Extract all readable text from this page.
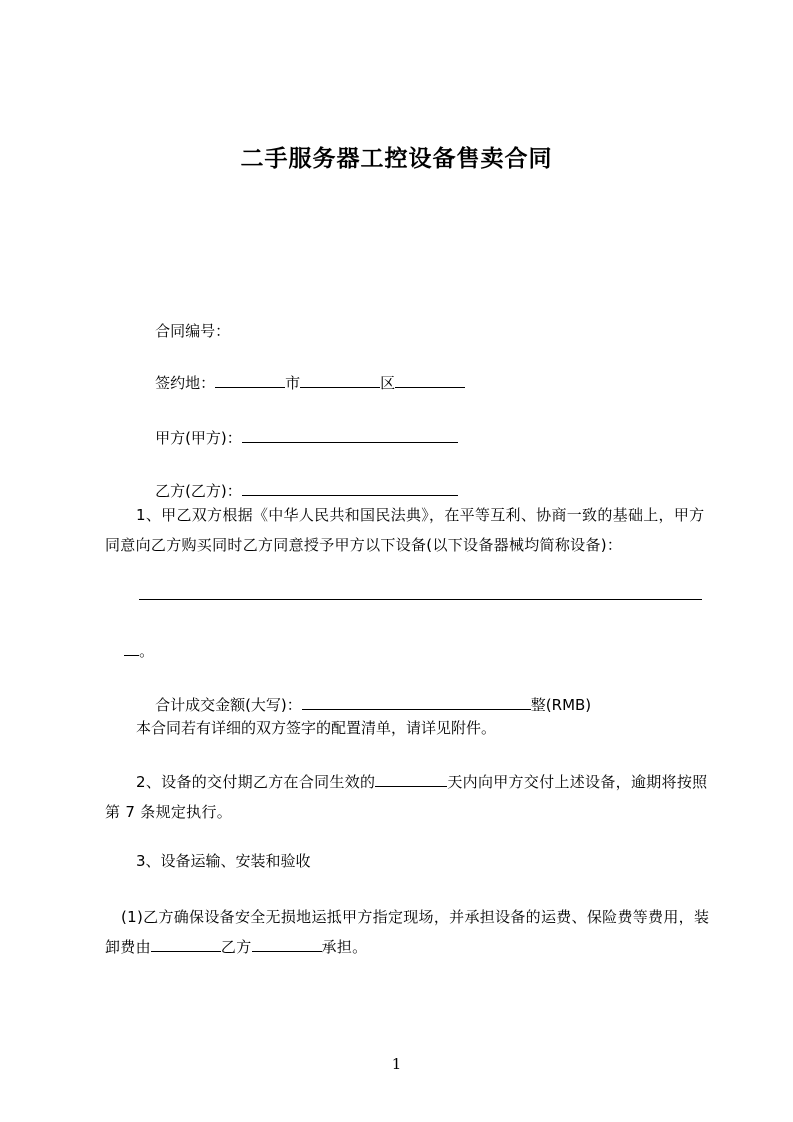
二手服务器工控设备售卖合同

合同编号：

签约地：	市	区

甲方(甲方)：

乙方(乙方)：

1、甲乙双方根据《中华人民共和国民法典》，在平等互利、协商一致的基础上，甲方同意向乙方购买同时乙方同意授予甲方以下设备(以下设备器械均简称设备)：

。

合计成交金额(大写)：	整(RMB)

本合同若有详细的双方签字的配置清单，请详见附件。
2、设备的交付期乙方在合同生效的	天内向甲方交付上述设备，逾期将按照第 7 条规定执行。
3、设备运输、安装和验收
(1)乙方确保设备安全无损地运抵甲方指定现场，并承担设备的运费、保险费等费用，装卸费由	乙方	承担。
1
